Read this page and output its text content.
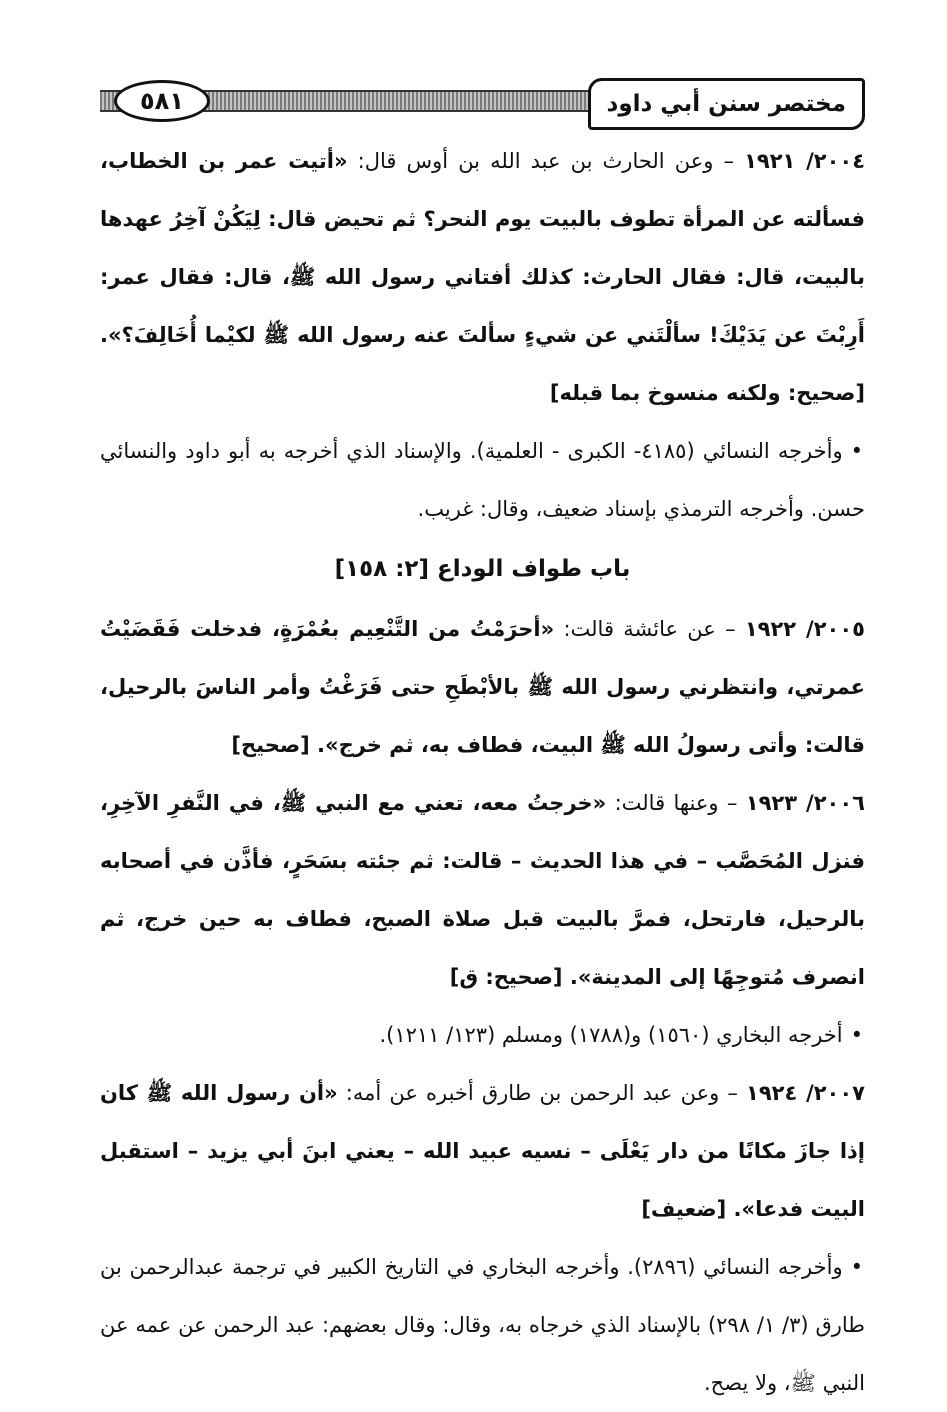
مختصر سنن أبي داود
٥٨١

٢٠٠٤/ ١٩٢١ – وعن الحارث بن عبد الله بن أوس قال: «أتيت عمر بن الخطاب، فسألته عن المرأة تطوف بالبيت يوم النحر؟ ثم تحيض قال: لِيَكُنْ آخِرُ عهدها بالبيت، قال: فقال الحارث: كذلك أفتاني رسول الله ﷺ، قال: فقال عمر: أَرِبْتَ عن يَدَيْكَ! سألْتَني عن شيءٍ سألتَ عنه رسول الله ﷺ لكيْما أُخَالِفَ؟». [صحيح: ولكنه منسوخ بما قبله]

•وأخرجه النسائي (٤١٨٥- الكبرى - العلمية). والإسناد الذي أخرجه به أبو داود والنسائي حسن. وأخرجه الترمذي بإسناد ضعيف، وقال: غريب.

باب طواف الوداع [٢: ١٥٨]

٢٠٠٥/ ١٩٢٢ – عن عائشة قالت: «أحرَمْتُ من التَّنْعِيم بعُمْرَةٍ، فدخلت فَقَضَيْتُ عمرتي، وانتظرني رسول الله ﷺ بالأبْطَحِ حتى فَرَغْتُ وأمر الناسَ بالرحيل، قالت: وأتى رسولُ الله ﷺ البيت، فطاف به، ثم خرج». [صحيح]

٢٠٠٦/ ١٩٢٣ – وعنها قالت: «خرجتُ معه، تعني مع النبي ﷺ، في النَّفرِ الآخِرِ، فنزل المُحَصَّب – في هذا الحديث – قالت: ثم جئته بسَحَرٍ، فأذَّن في أصحابه بالرحيل، فارتحل، فمرَّ بالبيت قبل صلاة الصبح، فطاف به حين خرج، ثم انصرف مُتوجِهًا إلى المدينة». [صحيح: ق]

•أخرجه البخاري (١٥٦٠) و(١٧٨٨) ومسلم (١٢٣/ ١٢١١).

٢٠٠٧/ ١٩٢٤ – وعن عبد الرحمن بن طارق أخبره عن أمه: «أن رسول الله ﷺ كان إذا جازَ مكانًا من دار يَعْلَى – نسيه عبيد الله – يعني ابنَ أبي يزيد – استقبل البيت فدعا». [ضعيف]

•وأخرجه النسائي (٢٨٩٦). وأخرجه البخاري في التاريخ الكبير في ترجمة عبدالرحمن بن طارق (٣/ ١/ ٢٩٨) بالإسناد الذي خرجاه به، وقال: وقال بعضهم: عبد الرحمن عن عمه عن النبي ﷺ، ولا يصح.
